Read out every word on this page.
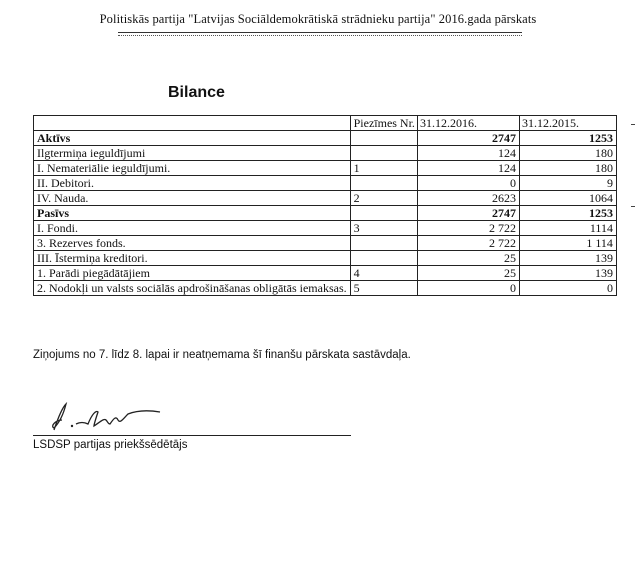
Politiskās partija "Latvijas Sociāldemokrātiskā strādnieku partija" 2016.gada pārskats
Bilance
	Piezīmes Nr.	31.12.2016.	31.12.2015.
Aktīvs		2747	1253
Ilgtermiņa ieguldījumi		124	180
I. Nemateriālie ieguldījumi.	1	124	180
II. Debitori.		0	9
IV. Nauda.	2	2623	1064
Pasīvs		2747	1253
I. Fondi.	3	2 722	1114
3. Rezerves fonds.		2 722	1 114
III. Īstermiņa kreditori.		25	139
1. Parādi piegādātājiem	4	25	139
2. Nodokļi un valsts sociālās apdrošināšanas obligātās iemaksas.	5	0	0
Ziņojums no 7. līdz 8. lapai ir neatņemama šī finanšu pārskata sastāvdaļa.
LSDSP partijas priekšsēdētājs
